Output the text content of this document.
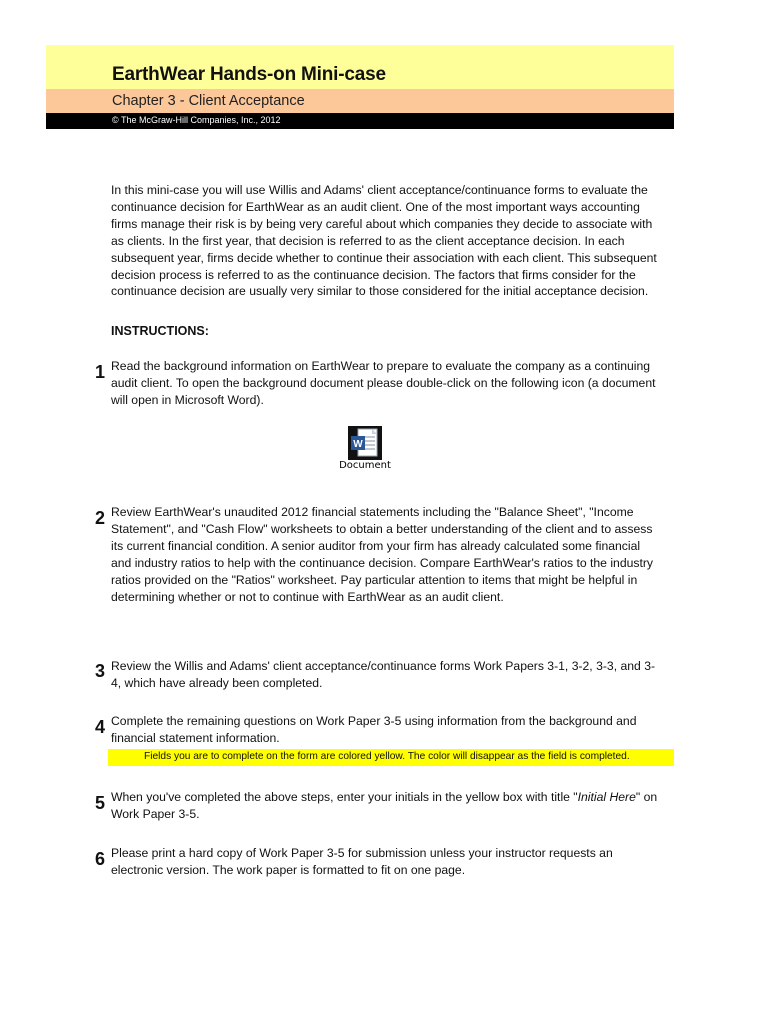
EarthWear Hands-on Mini-case
Chapter 3 - Client Acceptance
© The McGraw-Hill Companies, Inc., 2012
In this mini-case you will use Willis and Adams' client acceptance/continuance forms to evaluate the
continuance decision for EarthWear as an audit client. One of the most important ways accounting
firms manage their risk is by being very careful about which companies they decide to associate with
as clients. In the first year, that decision is referred to as the client acceptance decision. In each
subsequent year, firms decide whether to continue their association with each client. This subsequent
decision process is referred to as the continuance decision. The factors that firms consider for the
continuance decision are usually very similar to those considered for the initial acceptance decision.
INSTRUCTIONS:
1 Read the background information on EarthWear to prepare to evaluate the company as a continuing
audit client. To open the background document please double-click on the following icon (a document
will open in Microsoft Word).
W
Document
2 Review EarthWear's unaudited 2012 financial statements including the "Balance Sheet", "Income
Statement", and "Cash Flow" worksheets to obtain a better understanding of the client and to assess
its current financial condition. A senior auditor from your firm has already calculated some financial
and industry ratios to help with the continuance decision. Compare EarthWear's ratios to the industry
ratios provided on the "Ratios" worksheet. Pay particular attention to items that might be helpful in
determining whether or not to continue with EarthWear as an audit client.
3 Review the Willis and Adams' client acceptance/continuance forms Work Papers 3-1, 3-2, 3-3, and 3-
4, which have already been completed.
4 Complete the remaining questions on Work Paper 3-5 using information from the background and
financial statement information.
Fields you are to complete on the form are colored yellow. The color will disappear as the field is completed.
5 When you've completed the above steps, enter your initials in the yellow box with title "Initial Here" on
Work Paper 3-5.
6 Please print a hard copy of Work Paper 3-5 for submission unless your instructor requests an
electronic version. The work paper is formatted to fit on one page.
